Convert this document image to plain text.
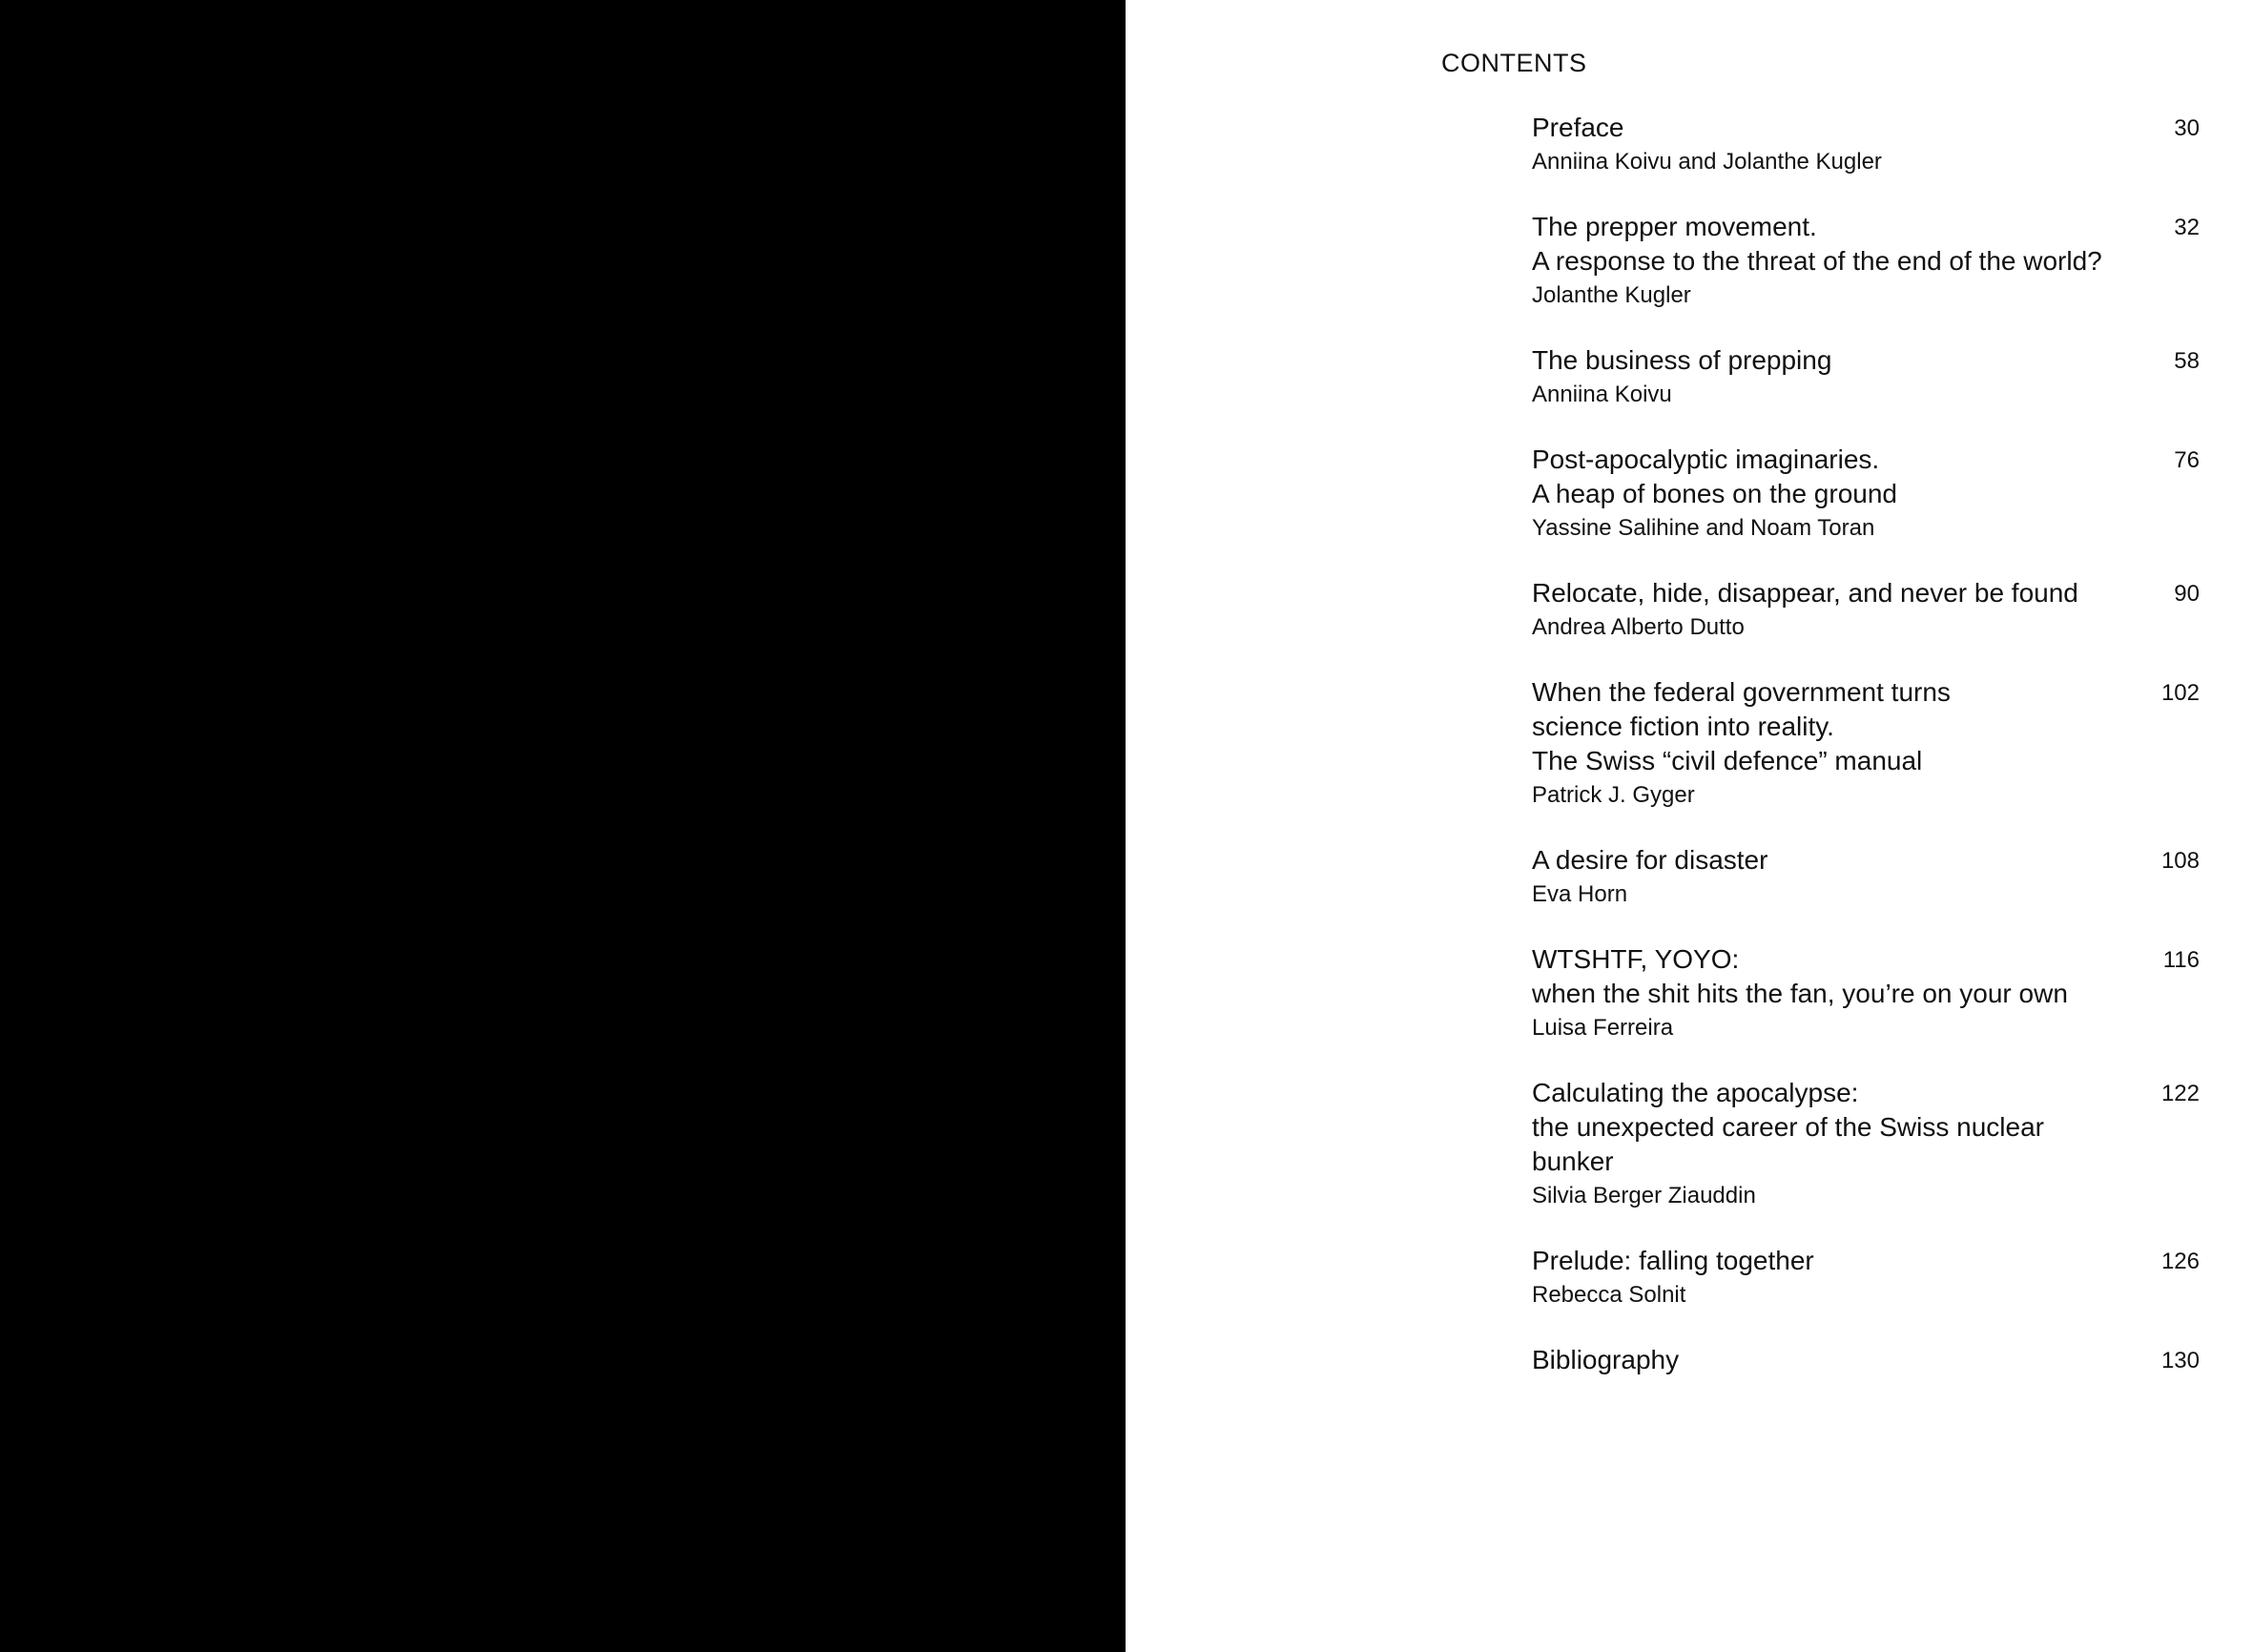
CONTENTS
Preface
Anniina Koivu and Jolanthe Kugler
30
The prepper movement.
A response to the threat of the end of the world?
Jolanthe Kugler
32
The business of prepping
Anniina Koivu
58
Post-apocalyptic imaginaries.
A heap of bones on the ground
Yassine Salihine and Noam Toran
76
Relocate, hide, disappear, and never be found
Andrea Alberto Dutto
90
When the federal government turns
science fiction into reality.
The Swiss “civil defence” manual
Patrick J. Gyger
102
A desire for disaster
Eva Horn
108
WTSHTF, YOYO:
when the shit hits the fan, you’re on your own
Luisa Ferreira
116
Calculating the apocalypse:
the unexpected career of the Swiss nuclear bunker
Silvia Berger Ziauddin
122
Prelude: falling together
Rebecca Solnit
126
Bibliography	130
